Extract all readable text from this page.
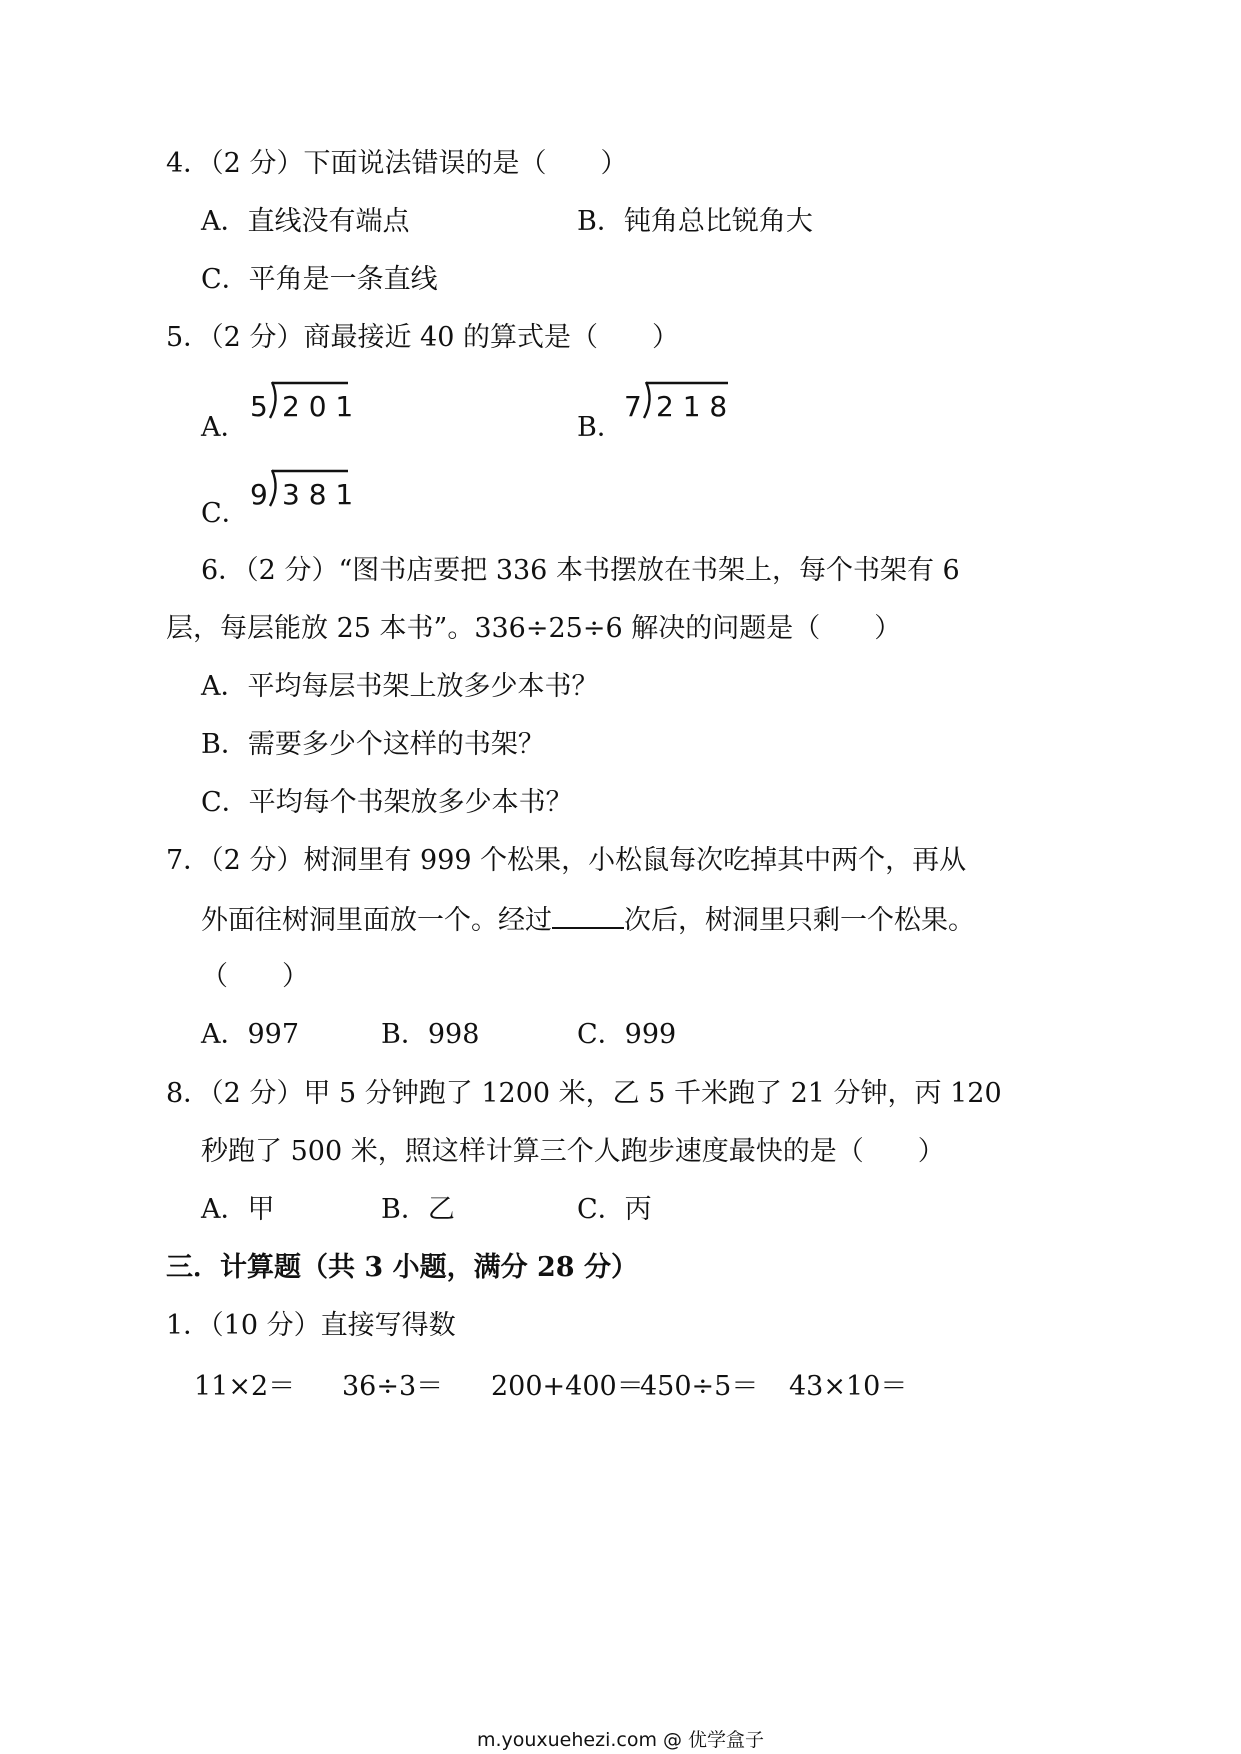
4．（2 分）下面说法错误的是（　　）
A．直线没有端点	B．钝角总比锐角大
C．平角是一条直线
5．（2 分）商最接近 40 的算式是（　　）
A．
5 2 0 1
B．
7 2 1 8
C．
9 3 8 1
6．（2 分）“图书店要把 336 本书摆放在书架上，每个书架有 6
层，每层能放 25 本书”。336÷25÷6 解决的问题是（　　）
A．平均每层书架上放多少本书？
B．需要多少个这样的书架？
C．平均每个书架放多少本书？
7．（2 分）树洞里有 999 个松果，小松鼠每次吃掉其中两个，再从
外面往树洞里面放一个。经过	次后，树洞里只剩一个松果。
（　　）
A．997	B．998	C．999
8．（2 分）甲 5 分钟跑了 1200 米，乙 5 千米跑了 21 分钟，丙 120
秒跑了 500 米，照这样计算三个人跑步速度最快的是（　　）
A．甲	B．乙	C．丙
三．计算题（共 3 小题，满分 28 分）
1．（10 分）直接写得数
11×2＝ 36÷3＝ 200+400＝
450÷5＝ 43×10＝
m.youxuehezi.com @ 优学盒子
